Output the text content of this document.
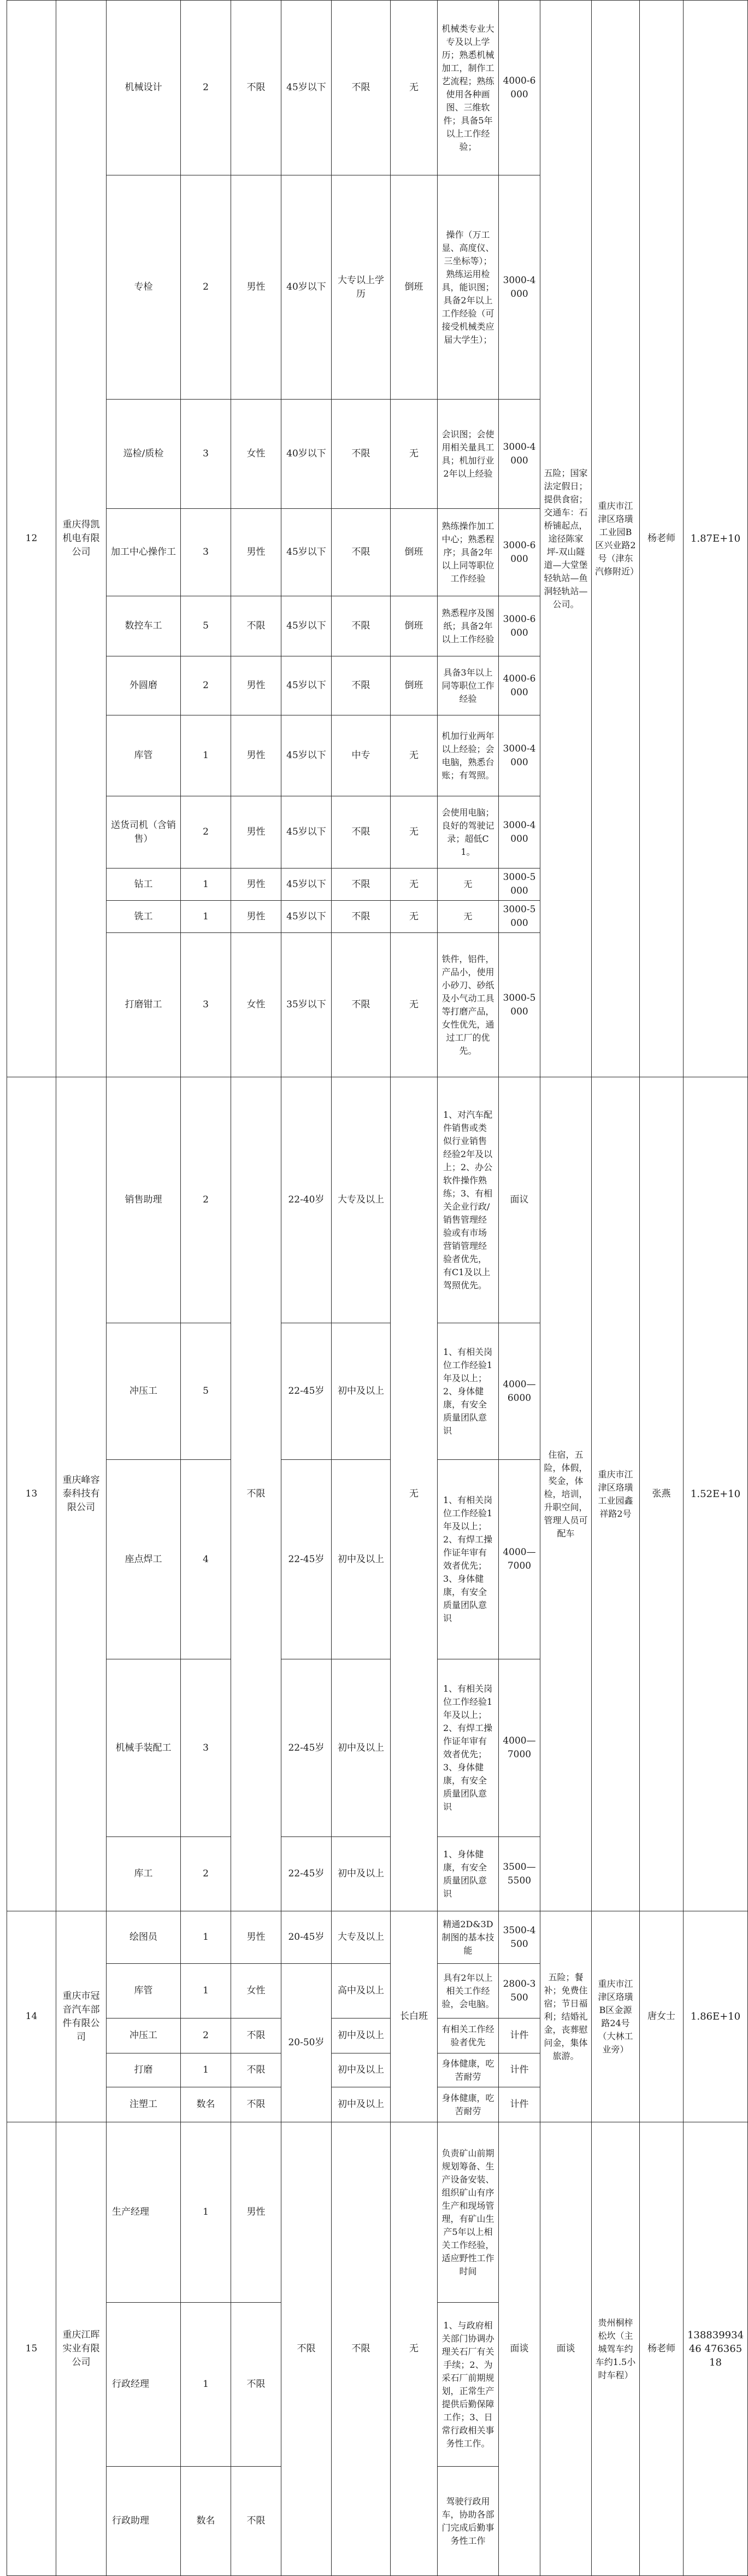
12	重庆得凯机电有限公司	机械设计	2	不限	45岁以下	不限	无	机械类专业大专及以上学历；熟悉机械加工，制作工艺流程；熟练使用各种画图、三维软件；具备5年以上工作经验；	4000-6000	五险；国家法定假日；提供食宿；交通车：石桥铺起点，途径陈家坪-双山隧道—大堂堡轻轨站—鱼洞轻轨站—公司。	重庆市江津区珞璜工业园B区兴业路2号（津东汽修附近）	杨老师	1.87E+10
		专检	2	男性	40岁以下	大专以上学历	倒班	操作（万工显、高度仪、三坐标等）；熟练运用检具，能识图；具备2年以上工作经验（可接受机械类应届大学生）；	3000-4000				
		巡检/质检	3	女性	40岁以下	不限	无	会识图；会使用相关量具工具；机加行业2年以上经验	3000-4000				
		加工中心操作工	3	男性	45岁以下	不限	倒班	熟练操作加工中心；熟悉程序；具备2年以上同等职位工作经验	3000-6000				
		数控车工	5	不限	45岁以下	不限	倒班	熟悉程序及图纸；具备2年以上工作经验	3000-6000				
		外圆磨	2	男性	45岁以下	不限	倒班	具备3年以上同等职位工作经验	4000-6000				
		库管	1	男性	45岁以下	中专	无	机加行业两年以上经验；会电脑，熟悉台账；有驾照。	3000-4000				
		送货司机（含销售）	2	男性	45岁以下	不限	无	会使用电脑；良好的驾驶记录；超低C1。	3000-4000				
		钻工	1	男性	45岁以下	不限	无	无	3000-5000				
		铣工	1	男性	45岁以下	不限	无	无	3000-5000				
		打磨钳工	3	女性	35岁以下	不限	无	铁件，铝件，产品小，使用小砂刀、砂纸及小气动工具等打磨产品，女性优先，通过工厂的优先。	3000-5000				
13	重庆峰容泰科技有限公司	销售助理	2	不限	22-40岁	大专及以上	无	1、对汽车配件销售或类似行业销售经验2年及以上；2、办公软件操作熟练；3、有相关企业行政/销售管理经验或有市场营销管理经验者优先，有C1及以上驾照优先。	面议	住宿，五险，体假，奖金，体检，培训，升职空间，管理人员可配车	重庆市江津区珞璜工业园鑫祥路2号	张燕	1.52E+10
		冲压工	5		22-45岁	初中及以上		1、有相关岗位工作经验1年及以上；2、身体健康，有安全质量团队意识	4000—6000				
		座点焊工	4		22-45岁	初中及以上		1、有相关岗位工作经验1年及以上；2、有焊工操作证年审有效者优先；3、身体健康，有安全质量团队意识	4000—7000				
		机械手装配工	3		22-45岁	初中及以上		1、有相关岗位工作经验1年及以上；2、有焊工操作证年审有效者优先；3、身体健康，有安全质量团队意识	4000—7000				
		库工	2		22-45岁	初中及以上		1、身体健康，有安全质量团队意识	3500—5500				
14	重庆市冠音汽车部件有限公司	绘图员	1	男性	20-45岁	大专及以上	长白班	精通2D&3D制图的基本技能	3500-4500	五险；餐补；免费住宿；节日福利；结婚礼金，丧葬慰问金，集体旅游。	重庆市江津区珞璜B区金源路24号（大林工业旁）	唐女士	1.86E+10
		库管	1	女性	20-50岁	高中及以上		具有2年以上相关工作经验，会电脑。	2800-3500				
		冲压工	2	不限		初中及以上		有相关工作经验者优先	计件				
		打磨	1	不限		初中及以上		身体健康，吃苦耐劳	计件				
		注塑工	数名	不限		初中及以上		身体健康，吃苦耐劳	计件				
15	重庆江晖实业有限公司	生产经理	1	男性	不限	不限	无	负责矿山前期规划筹备、生产设备安装、组织矿山有序生产和现场管理，有矿山生产5年以上相关工作经验，适应野性工作时间	面谈	面谈	贵州桐梓松坎（主城驾车约车约1.5小时车程）	杨老师	13883993446 47636518
		行政经理	1	不限				1、与政府相关部门协调办理关石厂有关手续；2、为采石厂前期规划，正常生产提供后勤保障工作；3、日常行政相关事务性工作。					
		行政助理	数名	不限				驾驶行政用车，协助各部门完成后勤事务性工作					
